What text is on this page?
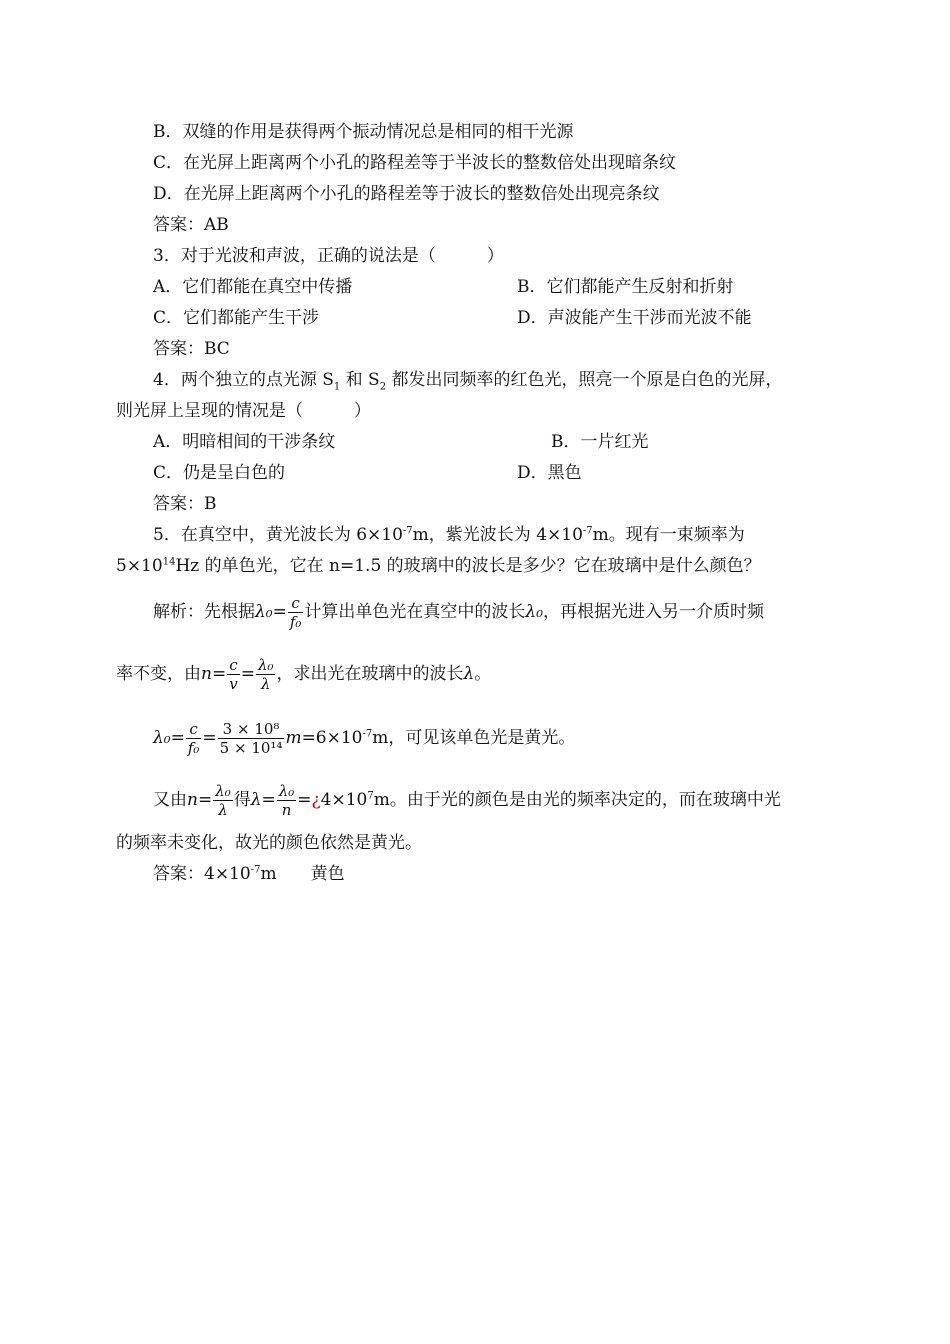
B．双缝的作用是获得两个振动情况总是相同的相干光源
C．在光屏上距离两个小孔的路程差等于半波长的整数倍处出现暗条纹
D．在光屏上距离两个小孔的路程差等于波长的整数倍处出现亮条纹
答案：AB
3．对于光波和声波，正确的说法是（　　　）
A．它们都能在真空中传播	B．它们都能产生反射和折射
C．它们都能产生干涉	D．声波能产生干涉而光波不能
答案：BC
4．两个独立的点光源 $S_1$ 和 $S_2$ 都发出同频率的红色光，照亮一个原是白色的光屏，
则光屏上呈现的情况是（　　　）
A．明暗相间的干涉条纹	B．一片红光
C．仍是呈白色的	D．黑色
答案：B
5．在真空中，黄光波长为 $6\times 10^{-7}m$，紫光波长为 $4\times 10^{-7}m$。现有一束频率为
$5\times 10^{14}Hz$ 的单色光，它在 n=1.5 的玻璃中的波长是多少？它在玻璃中是什么颜色？
解析：先根据$\lambda_0= \frac{c}{\text{f₀}}$ 计算出单色光在真空中的波长λ₀，再根据光进入另一介质时频
率不变，由$n= \frac{c}{v} = \frac{\text{λ₀}}{\lambda}$ ，求出光在玻璃中的波长λ。
$\lambda_0= \frac{c}{\text{f₀}} = \frac{\text{3 × 10⁸}}{\text{5 × 10¹⁴}} m=6\times 10^{-7}m$，可见该单色光是黄光。
又由$n= \frac{\text{λ₀}}{\lambda}$ 得$\lambda= \frac{\text{λ₀}}{n}$ $=¿4\times 10^7m$。由于光的颜色是由光的频率决定的，而在玻璃中光
的频率未变化，故光的颜色依然是黄光。
答案：$4\times 10^{-7}m$　　黄色
